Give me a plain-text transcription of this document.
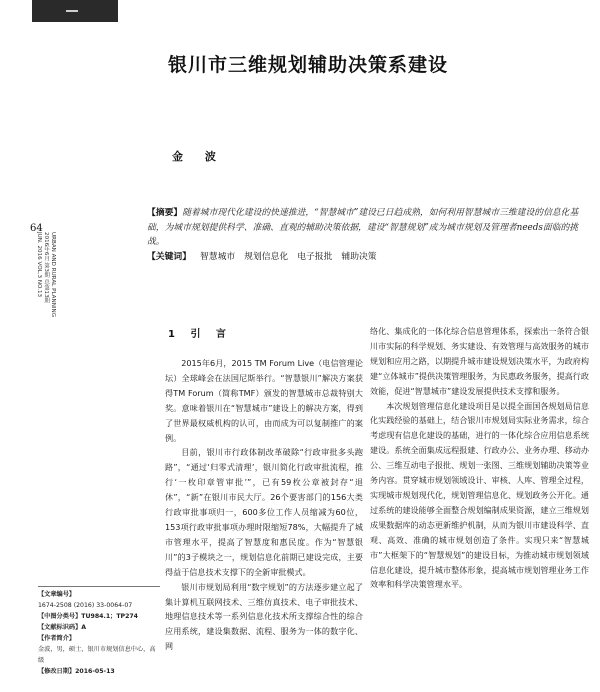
银川市三维规划辅助决策系建设
金 波
64
URBAN AND RURAL PLANNING
2016年6月 第3期 总第13期
JUN. 2016 VOL.3 NO.13
【摘要】随着城市现代化建设的快速推进，“智慧城市”建设已日趋成熟，如何利用智慧城市三维建设的信息化基础，为城市规划提供科学、准确、直观的辅助决策依据，建设“智慧规划”成为城市规划及管理者needs面临的挑战。
【关键词】 智慧城市 规划信息化 电子报批 辅助决策
1 引 言

2015年6月，2015 TM Forum Live（电信管理论坛）全球峰会在法国尼斯举行。“智慧银川”解决方案获得TM Forum（简称TMF）颁发的智慧城市总裁特别大奖。意味着银川在“智慧城市”建设上的解决方案，得到了世界最权威机构的认可，由而成为可以复制推广的案例。

目前，银川市行政体制改革破除“行政审批多头跑路”，“通过‘归零式清理’，银川简化行政审批流程，推行‘一枚印章管审批’”，已有59枚公章被封存“退休”，“新”在银川市民大厅。26个要害部门的156大类行政审批事项归一，600多位工作人员缩减为60位，153项行政审批事项办理时限缩短78%，大幅提升了城市管理水平，提高了智慧度和惠民度。作为“智慧银川”的3子模块之一，规划信息化前期已建设完成，主要得益于信息技术支撑下的全新审批模式。

银川市规划局利用“数字规划”的方法逐步建立起了集计算机互联网技术、三维仿真技术、电子审批技术、地理信息技术等一系列信息化技术所支撑综合性的综合应用系统，建设集数据、流程、服务为一体的数字化、网

络化、集成化的一体化综合信息管理体系，探索出一条符合银川市实际的科学规划、务实建设、有效管理与高效服务的城市规划和应用之路，以期提升城市建设规划决策水平，为政府构建“立体城市”提供决策管理服务，为民惠政务服务，提高行政效能，促进“智慧城市”建设发展提供技术支撑和服务。

本次规划管理信息化建设项目是以提全面国各规划局信息化实践经验的基础上，结合银川市规划局实际业务需求，综合考虑现有信息化建设的基础，进行的一体化综合应用信息系统建设。系统全面集成远程报建、行政办公、业务办理、移动办公、三维互动电子报批、规划一张图、三维规划辅助决策等业务内容。贯穿城市规划领域设计、审核、人库、管理全过程，实现城市规划现代化，规划管理信息化、规划政务公开化。通过系统的建设能够全面整合规划编制成果资源，建立三维规划成果数据库的动态更新维护机制，从而为银川市建设科学、直观、高效、准确的城市规划创造了条件。实现只来“智慧城市”大框架下的“智慧规划”的建设目标，为推动城市规划领域信息化建设，提升城市整体形象，提高城市规划管理业务工作效率和科学决策管理水平。

【文章编号】
1674-2508 (2016) 33-0064-07
【中图分类号】TU984.1；TP274
【文献标识码】A
【作者简介】
金波，男，硕士，银川市规划信息中心，高级
【修改日期】2016-05-13
